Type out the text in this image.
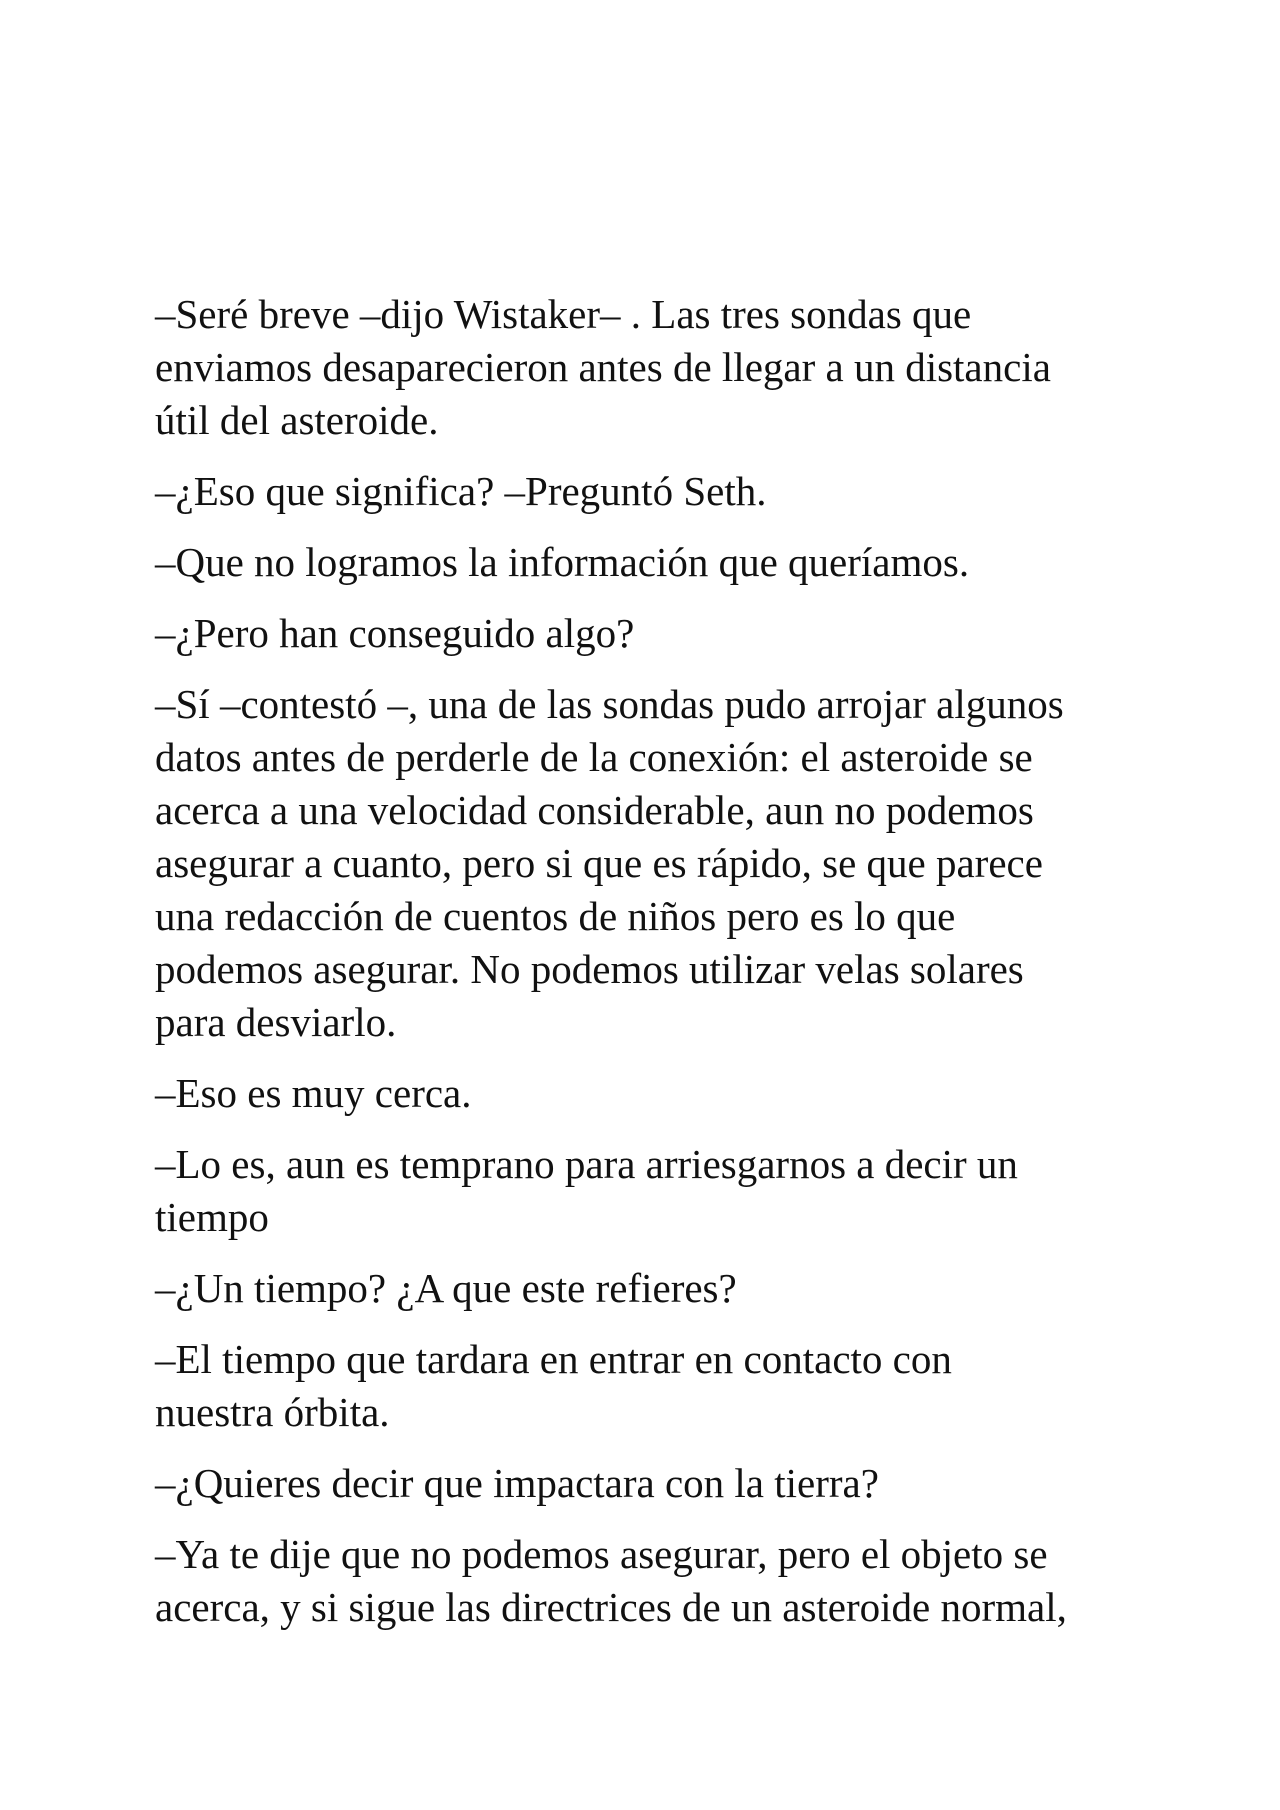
–Seré breve –dijo Wistaker– . Las tres sondas que
enviamos desaparecieron antes de llegar a un distancia
útil del asteroide.

–¿Eso que significa? –Preguntó Seth.

–Que no logramos la información que queríamos.

–¿Pero han conseguido algo?

–Sí –contestó –, una de las sondas pudo arrojar algunos
datos antes de perderle de la conexión: el asteroide se
acerca a una velocidad considerable, aun no podemos
asegurar a cuanto, pero si que es rápido, se que parece
una redacción de cuentos de niños pero es lo que
podemos asegurar. No podemos utilizar velas solares
para desviarlo.

–Eso es muy cerca.

–Lo es, aun es temprano para arriesgarnos a decir un
tiempo

–¿Un tiempo? ¿A que este refieres?

–El tiempo que tardara en entrar en contacto con
nuestra órbita.

–¿Quieres decir que impactara con la tierra?

–Ya te dije que no podemos asegurar, pero el objeto se
acerca, y si sigue las directrices de un asteroide normal,
